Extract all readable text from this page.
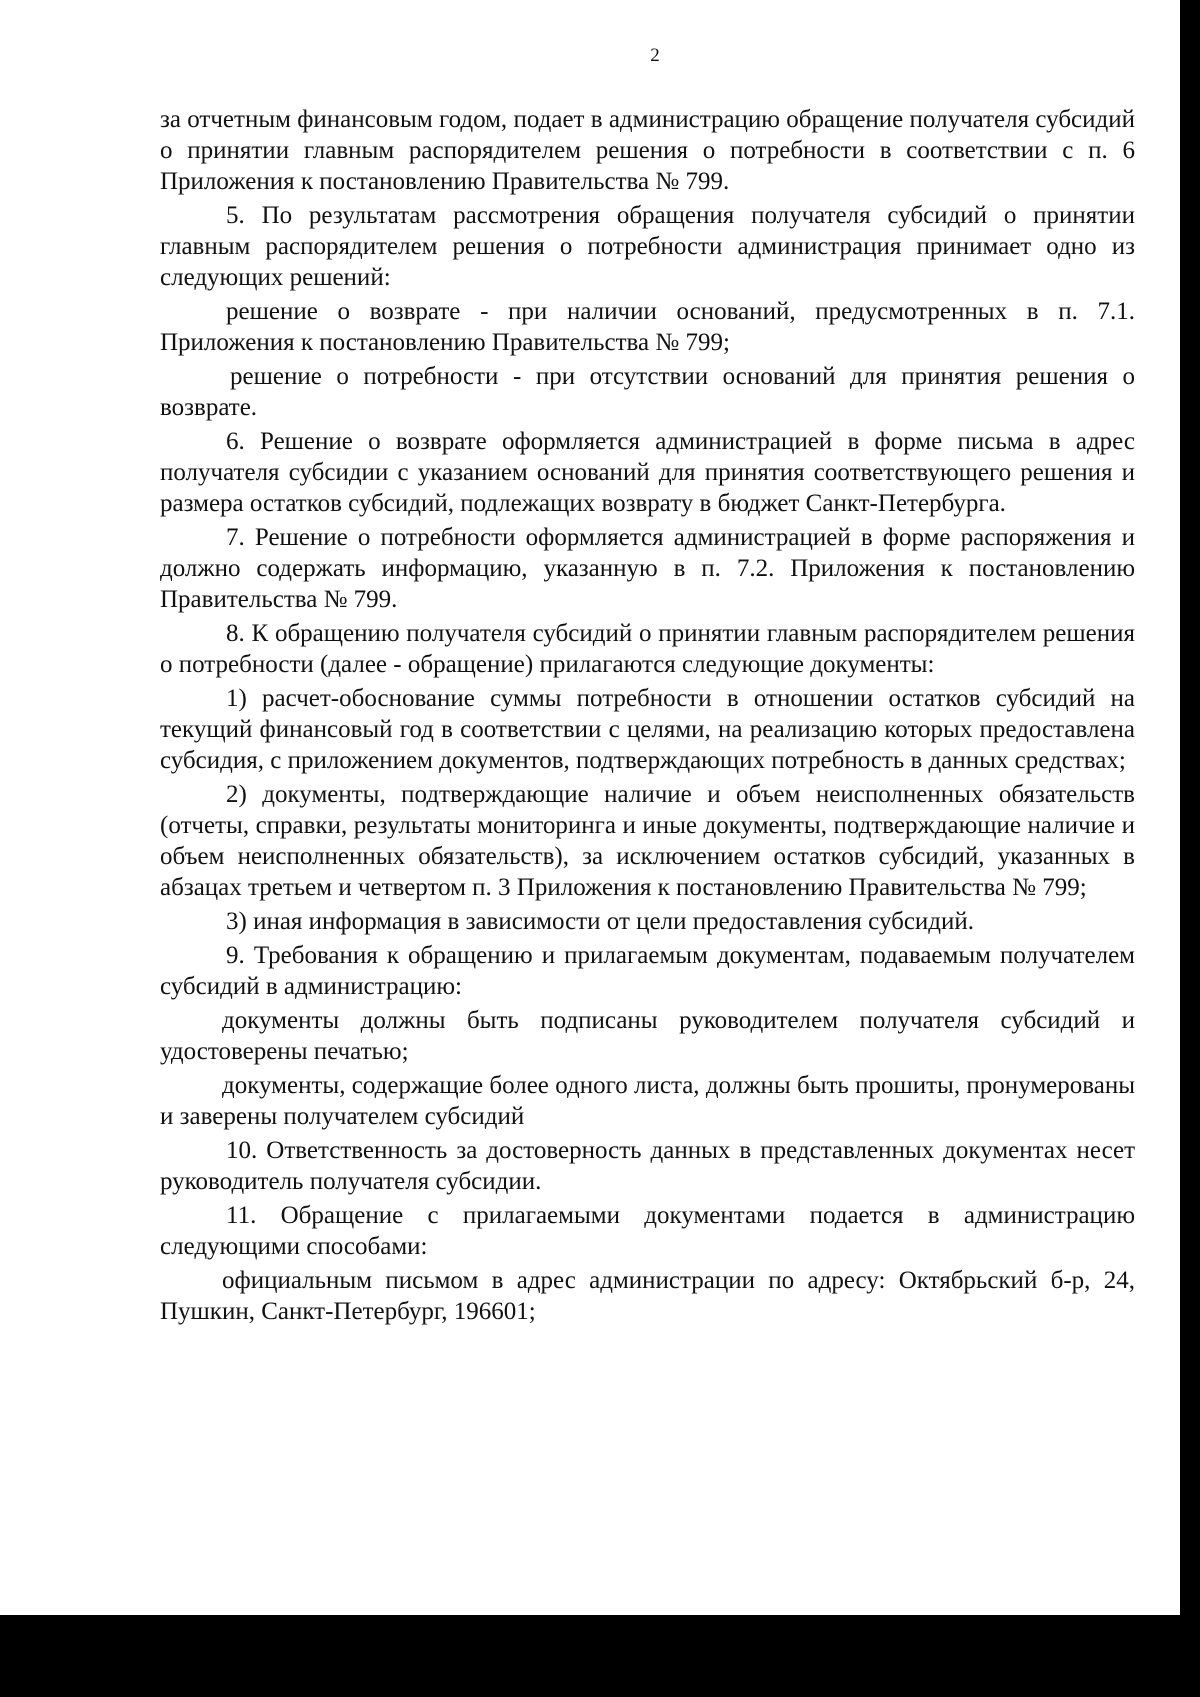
2

за отчетным финансовым годом, подает в администрацию обращение получателя субсидий о принятии главным распорядителем решения о потребности в соответствии с п. 6 Приложения к постановлению Правительства № 799.

5. По результатам рассмотрения обращения получателя субсидий о принятии главным распорядителем решения о потребности администрация принимает одно из следующих решений:

решение о возврате - при наличии оснований, предусмотренных в п. 7.1. Приложения к постановлению Правительства № 799;

решение о потребности - при отсутствии оснований для принятия решения о возврате.

6. Решение о возврате оформляется администрацией в форме письма в адрес получателя субсидии с указанием оснований для принятия соответствующего решения и размера остатков субсидий, подлежащих возврату в бюджет Санкт-Петербурга.

7. Решение о потребности оформляется администрацией в форме распоряжения и должно содержать информацию, указанную в п. 7.2. Приложения к постановлению Правительства № 799.

8. К обращению получателя субсидий о принятии главным распорядителем решения о потребности (далее - обращение) прилагаются следующие документы:

1) расчет-обоснование суммы потребности в отношении остатков субсидий на текущий финансовый год в соответствии с целями, на реализацию которых предоставлена субсидия, с приложением документов, подтверждающих потребность в данных средствах;

2) документы, подтверждающие наличие и объем неисполненных обязательств (отчеты, справки, результаты мониторинга и иные документы, подтверждающие наличие и объем неисполненных обязательств), за исключением остатков субсидий, указанных в абзацах третьем и четвертом п. 3 Приложения к постановлению Правительства № 799;

3) иная информация в зависимости от цели предоставления субсидий.

9. Требования к обращению и прилагаемым документам, подаваемым получателем субсидий в администрацию:

документы должны быть подписаны руководителем получателя субсидий и удостоверены печатью;

документы, содержащие более одного листа, должны быть прошиты, пронумерованы и заверены получателем субсидий

10. Ответственность за достоверность данных в представленных документах несет руководитель получателя субсидии.

11. Обращение с прилагаемыми документами подается в администрацию следующими способами:

официальным письмом в адрес администрации по адресу: Октябрьский б-р, 24, Пушкин, Санкт-Петербург, 196601;
